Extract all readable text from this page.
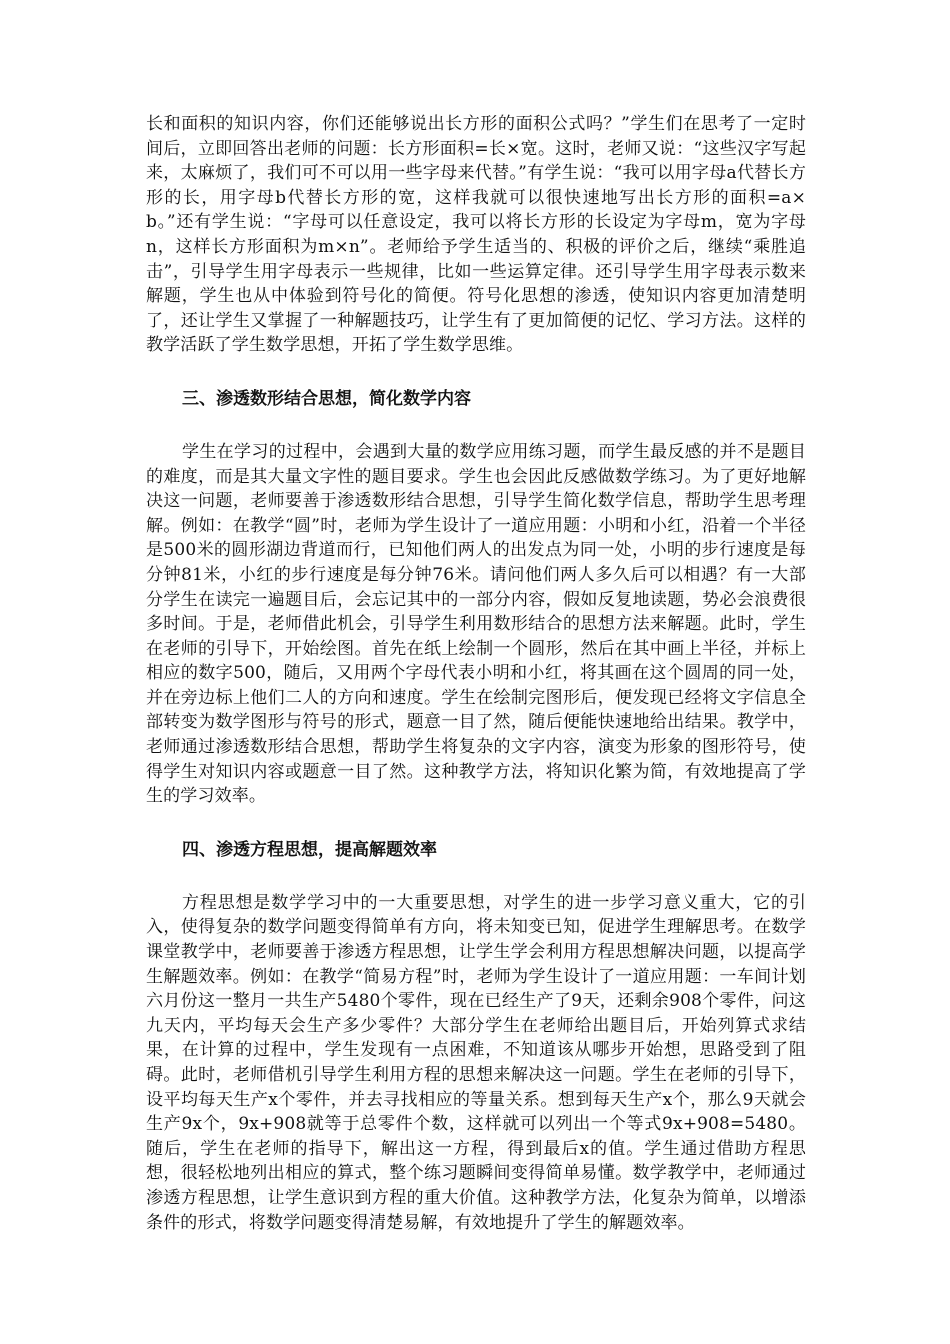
长和面积的知识内容，你们还能够说出长方形的面积公式吗？”学生们在思考了一定时间后，立即回答出老师的问题：长方形面积=长×宽。这时，老师又说：“这些汉字写起来，太麻烦了，我们可不可以用一些字母来代替。”有学生说：“我可以用字母a代替长方形的长，用字母b代替长方形的宽，这样我就可以很快速地写出长方形的面积=a×b。”还有学生说：“字母可以任意设定，我可以将长方形的长设定为字母m，宽为字母n，这样长方形面积为m×n”。老师给予学生适当的、积极的评价之后，继续“乘胜追击”，引导学生用字母表示一些规律，比如一些运算定律。还引导学生用字母表示数来解题，学生也从中体验到符号化的简便。符号化思想的渗透，使知识内容更加清楚明了，还让学生又掌握了一种解题技巧，让学生有了更加简便的记忆、学习方法。这样的教学活跃了学生数学思想，开拓了学生数学思维。

三、渗透数形结合思想，简化数学内容

学生在学习的过程中，会遇到大量的数学应用练习题，而学生最反感的并不是题目的难度，而是其大量文字性的题目要求。学生也会因此反感做数学练习。为了更好地解决这一问题，老师要善于渗透数形结合思想，引导学生简化数学信息，帮助学生思考理解。例如：在教学“圆”时，老师为学生设计了一道应用题：小明和小红，沿着一个半径是500米的圆形湖边背道而行，已知他们两人的出发点为同一处，小明的步行速度是每分钟81米，小红的步行速度是每分钟76米。请问他们两人多久后可以相遇？有一大部分学生在读完一遍题目后，会忘记其中的一部分内容，假如反复地读题，势必会浪费很多时间。于是，老师借此机会，引导学生利用数形结合的思想方法来解题。此时，学生在老师的引导下，开始绘图。首先在纸上绘制一个圆形，然后在其中画上半径，并标上相应的数字500，随后，又用两个字母代表小明和小红，将其画在这个圆周的同一处，并在旁边标上他们二人的方向和速度。学生在绘制完图形后，便发现已经将文字信息全部转变为数学图形与符号的形式，题意一目了然，随后便能快速地给出结果。教学中，老师通过渗透数形结合思想，帮助学生将复杂的文字内容，演变为形象的图形符号，使得学生对知识内容或题意一目了然。这种教学方法，将知识化繁为简，有效地提高了学生的学习效率。

四、渗透方程思想，提高解题效率

方程思想是数学学习中的一大重要思想，对学生的进一步学习意义重大，它的引入，使得复杂的数学问题变得简单有方向，将未知变已知，促进学生理解思考。在数学课堂教学中，老师要善于渗透方程思想，让学生学会利用方程思想解决问题，以提高学生解题效率。例如：在教学“简易方程”时，老师为学生设计了一道应用题：一车间计划六月份这一整月一共生产5480个零件，现在已经生产了9天，还剩余908个零件，问这九天内，平均每天会生产多少零件？大部分学生在老师给出题目后，开始列算式求结果，在计算的过程中，学生发现有一点困难，不知道该从哪步开始想，思路受到了阻碍。此时，老师借机引导学生利用方程的思想来解决这一问题。学生在老师的引导下，设平均每天生产x个零件，并去寻找相应的等量关系。想到每天生产x个，那么9天就会生产9x个，9x+908就等于总零件个数，这样就可以列出一个等式9x+908=5480。随后，学生在老师的指导下，解出这一方程，得到最后x的值。学生通过借助方程思想，很轻松地列出相应的算式，整个练习题瞬间变得简单易懂。数学教学中，老师通过渗透方程思想，让学生意识到方程的重大价值。这种教学方法，化复杂为简单，以增添条件的形式，将数学问题变得清楚易解，有效地提升了学生的解题效率。
